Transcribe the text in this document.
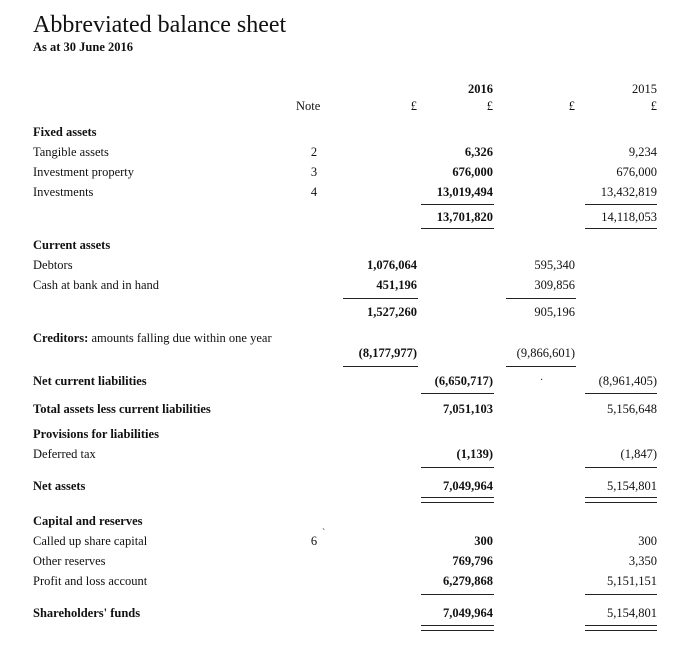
Abbreviated balance sheet
As at 30 June 2016
Note	£
2016
£	£
2015
£
Fixed assets
Tangible assets	2	6,326	9,234
Investment property	3	676,000	676,000
Investments	4	13,019,494	13,432,819
13,701,820	14,118,053
Current assets
Debtors	1,076,064	595,340
Cash at bank and in hand	451,196	309,856
1,527,260	905,196
Creditors: amounts falling due within one year
(8,177,977)	(9,866,601)
Net current liabilities	(6,650,717)	(8,961,405)
·
Total assets less current liabilities	7,051,103	5,156,648
Provisions for liabilities
Deferred tax	(1,139)	(1,847)
Net assets	7,049,964	5,154,801
Capital and reserves
Called up share capital	6	300	300
`
Other reserves	769,796	3,350
Profit and loss account	6,279,868	5,151,151
Shareholders' funds	7,049,964	5,154,801
